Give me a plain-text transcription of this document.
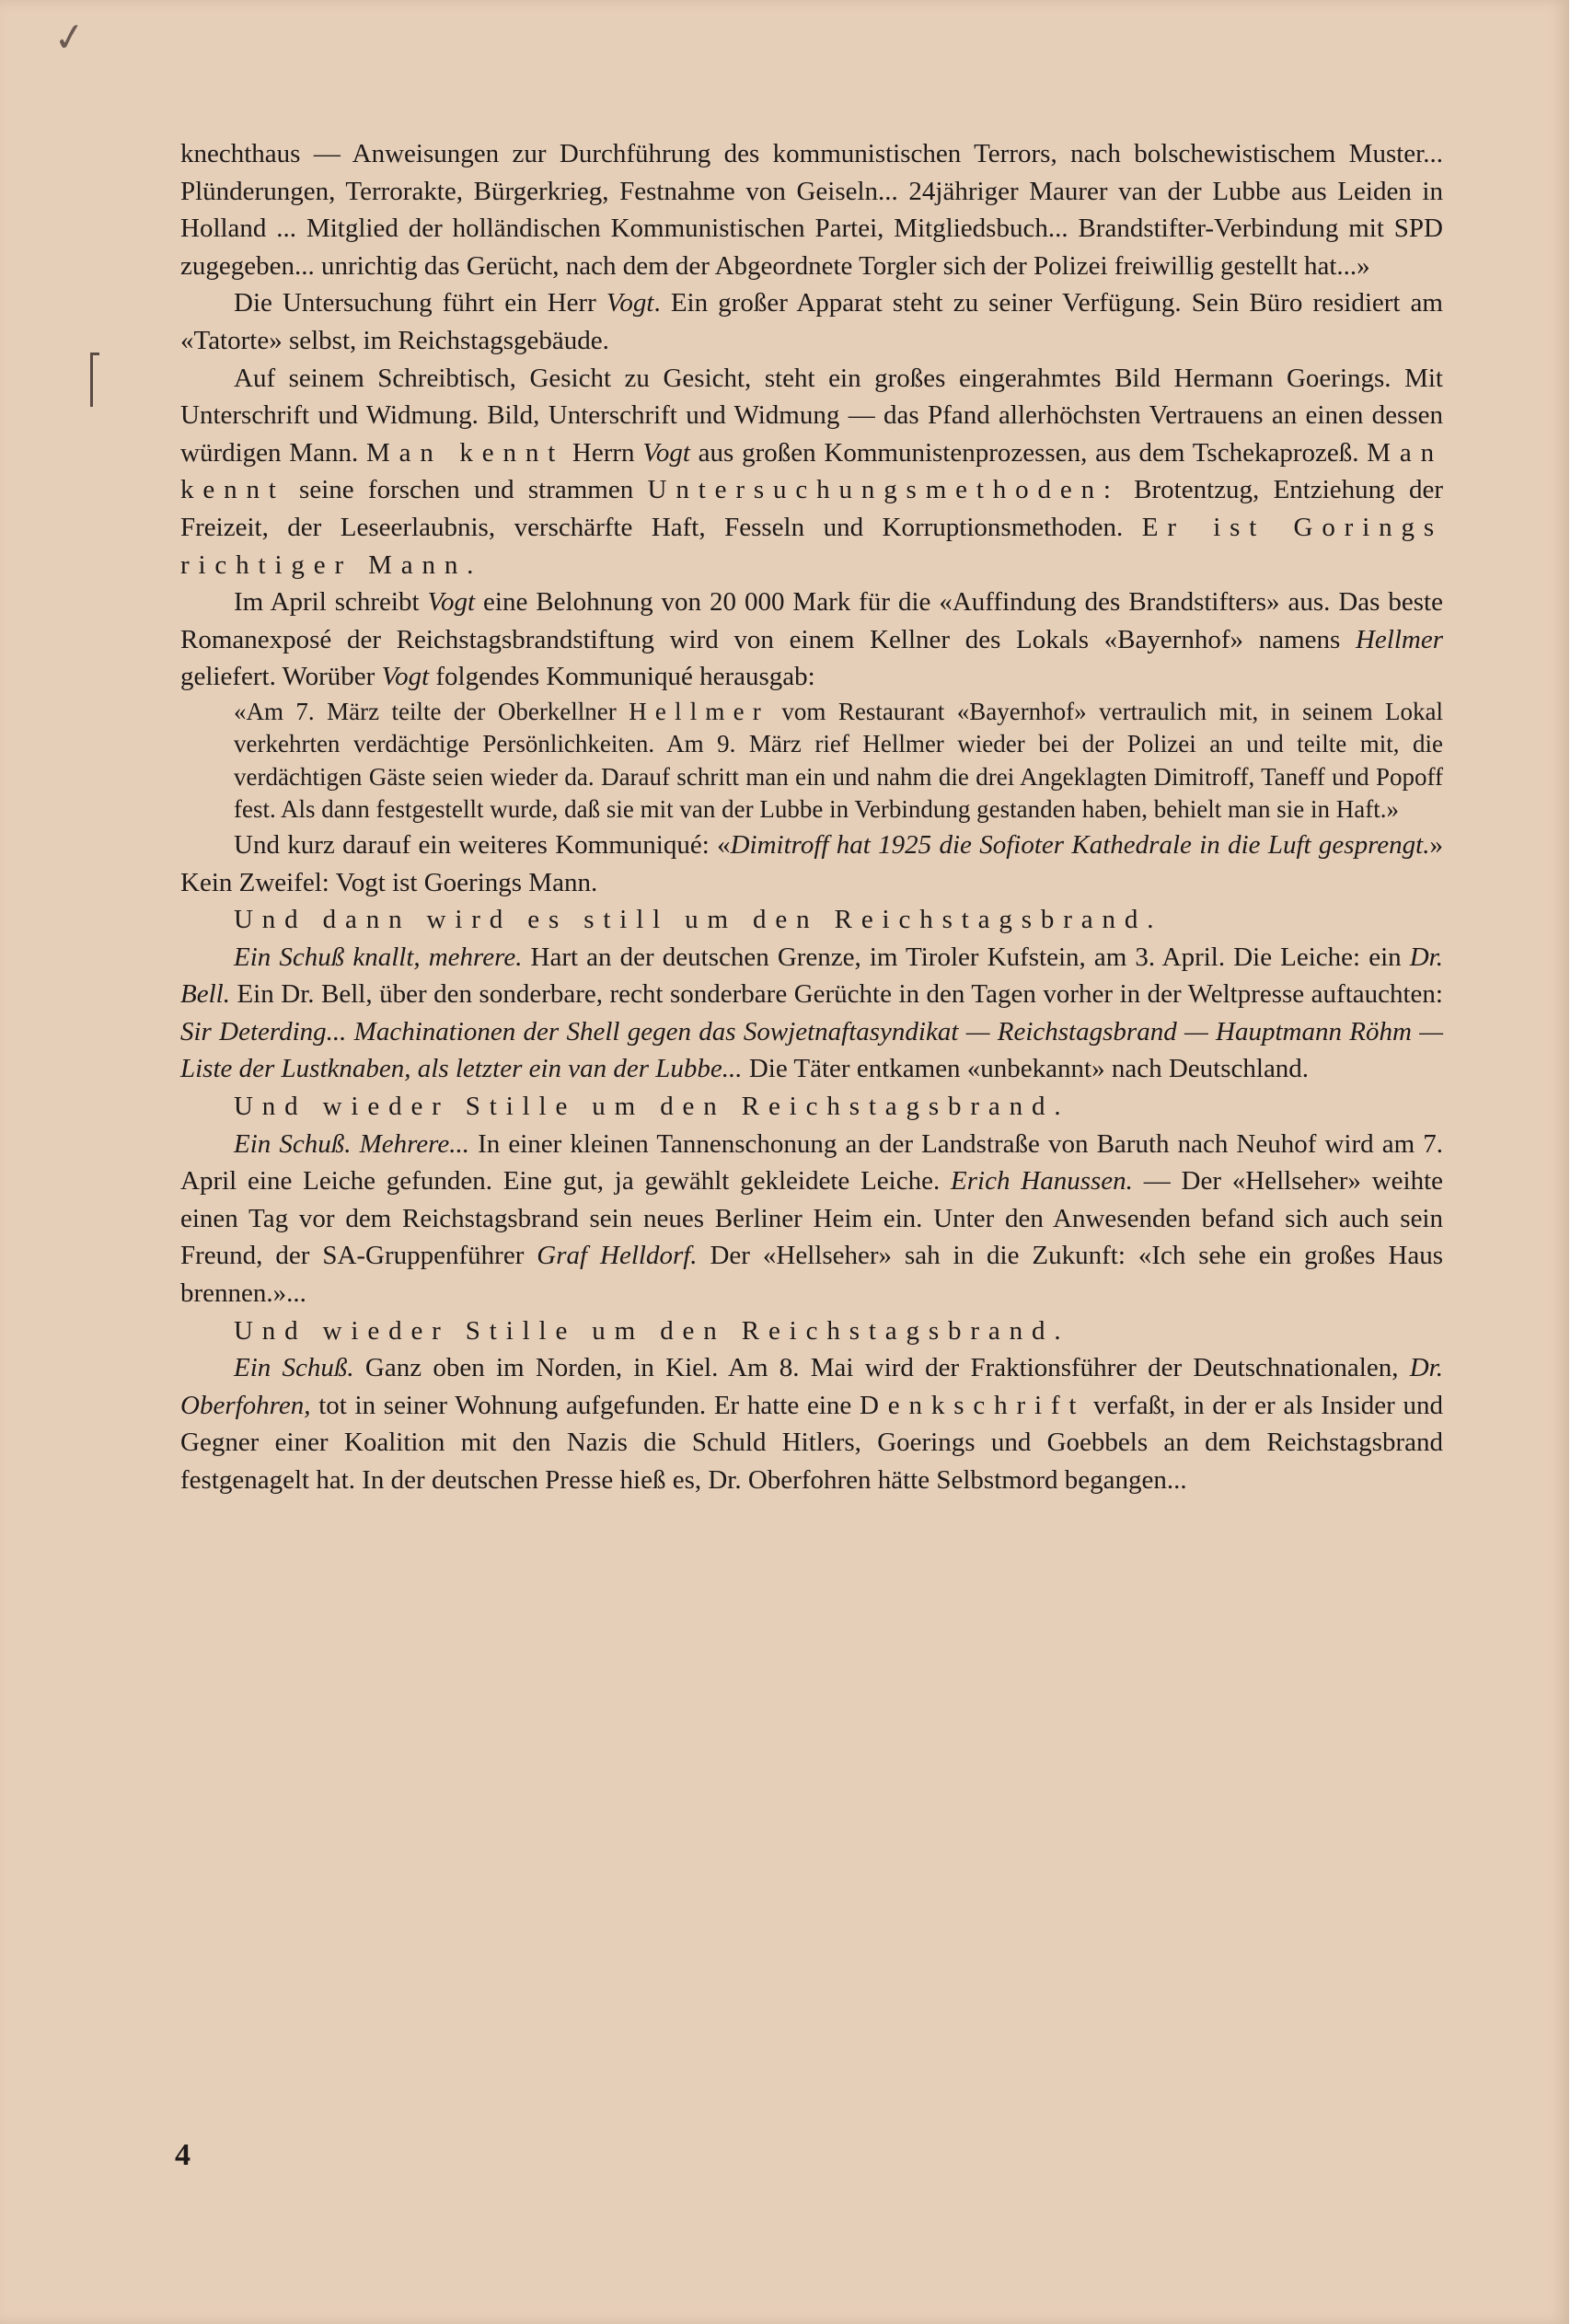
✓

knechthaus — Anweisungen zur Durchführung des kommunistischen Terrors, nach bolschewistischem Muster... Plünderungen, Terrorakte, Bürgerkrieg, Festnahme von Geiseln... 24jähriger Maurer van der Lubbe aus Leiden in Holland ... Mitglied der holländischen Kommunistischen Partei, Mitgliedsbuch... Brandstifter-Verbindung mit SPD zugegeben... unrichtig das Gerücht, nach dem der Abgeordnete Torgler sich der Polizei freiwillig gestellt hat...»

Die Untersuchung führt ein Herr Vogt. Ein großer Apparat steht zu seiner Verfügung. Sein Büro residiert am «Tatorte» selbst, im Reichstagsgebäude.

Auf seinem Schreibtisch, Gesicht zu Gesicht, steht ein großes eingerahmtes Bild Hermann Goerings. Mit Unterschrift und Widmung. Bild, Unterschrift und Widmung — das Pfand allerhöchsten Vertrauens an einen dessen würdigen Mann. Man kennt Herrn Vogt aus großen Kommunistenprozessen, aus dem Tschekaprozeß. Man kennt seine forschen und strammen Untersuchungsmethoden: Brotentzug, Entziehung der Freizeit, der Leseerlaubnis, verschärfte Haft, Fesseln und Korruptionsmethoden. Er ist Gorings richtiger Mann.

Im April schreibt Vogt eine Belohnung von 20 000 Mark für die «Auffindung des Brandstifters» aus. Das beste Romanexposé der Reichstagsbrandstiftung wird von einem Kellner des Lokals «Bayernhof» namens Hellmer geliefert. Worüber Vogt folgendes Kommuniqué herausgab:

«Am 7. März teilte der Oberkellner Hellmer vom Restaurant «Bayernhof» vertraulich mit, in seinem Lokal verkehrten verdächtige Persönlichkeiten. Am 9. März rief Hellmer wieder bei der Polizei an und teilte mit, die verdächtigen Gäste seien wieder da. Darauf schritt man ein und nahm die drei Angeklagten Dimitroff, Taneff und Popoff fest. Als dann festgestellt wurde, daß sie mit van der Lubbe in Verbindung gestanden haben, behielt man sie in Haft.»

Und kurz darauf ein weiteres Kommuniqué: «Dimitroff hat 1925 die Sofioter Kathedrale in die Luft gesprengt.» Kein Zweifel: Vogt ist Goerings Mann.

Und dann wird es still um den Reichstagsbrand.

Ein Schuß knallt, mehrere. Hart an der deutschen Grenze, im Tiroler Kufstein, am 3. April. Die Leiche: ein Dr. Bell. Ein Dr. Bell, über den sonderbare, recht sonderbare Gerüchte in den Tagen vorher in der Weltpresse auftauchten: Sir Deterding... Machinationen der Shell gegen das Sowjetnaftasyndikat — Reichstagsbrand — Hauptmann Röhm — Liste der Lustknaben, als letzter ein van der Lubbe... Die Täter entkamen «unbekannt» nach Deutschland.

Und wieder Stille um den Reichstagsbrand.

Ein Schuß. Mehrere... In einer kleinen Tannenschonung an der Landstraße von Baruth nach Neuhof wird am 7. April eine Leiche gefunden. Eine gut, ja gewählt gekleidete Leiche. Erich Hanussen. — Der «Hellseher» weihte einen Tag vor dem Reichstagsbrand sein neues Berliner Heim ein. Unter den Anwesenden befand sich auch sein Freund, der SA-Gruppenführer Graf Helldorf. Der «Hellseher» sah in die Zukunft: «Ich sehe ein großes Haus brennen.»...

Und wieder Stille um den Reichstagsbrand.

Ein Schuß. Ganz oben im Norden, in Kiel. Am 8. Mai wird der Fraktionsführer der Deutschnationalen, Dr. Oberfohren, tot in seiner Wohnung aufgefunden. Er hatte eine Denkschrift verfaßt, in der er als Insider und Gegner einer Koalition mit den Nazis die Schuld Hitlers, Goerings und Goebbels an dem Reichstagsbrand festgenagelt hat. In der deutschen Presse hieß es, Dr. Oberfohren hätte Selbstmord begangen...

4
